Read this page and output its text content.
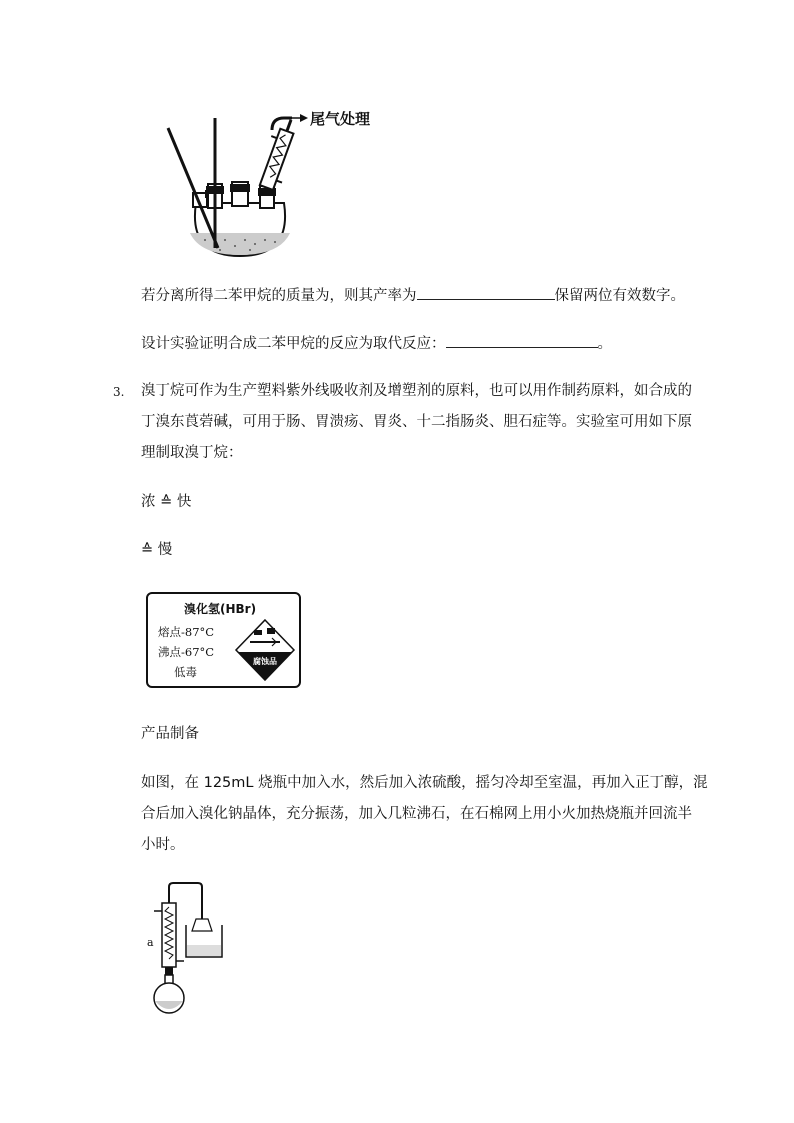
尾气处理
若分离所得二苯甲烷的质量为，则其产率为	保留两位有效数字。
设计实验证明合成二苯甲烷的反应为取代反应：	。
3. 溴丁烷可作为生产塑料紫外线吸收剂及增塑剂的原料，也可以用作制药原料，如合成的
丁溴东莨菪碱，可用于肠、胃溃疡、胃炎、十二指肠炎、胆石症等。实验室可用如下原
理制取溴丁烷：
浓 ≙ 快
≙ 慢
溴化氢(HBr)
熔点-87°C
沸点-67°C
低毒
腐蚀品
产品制备
如图，在 125mL 烧瓶中加入水，然后加入浓硫酸，摇匀冷却至室温，再加入正丁醇，混
合后加入溴化钠晶体，充分振荡，加入几粒沸石，在石棉网上用小火加热烧瓶并回流半
小时。
a
